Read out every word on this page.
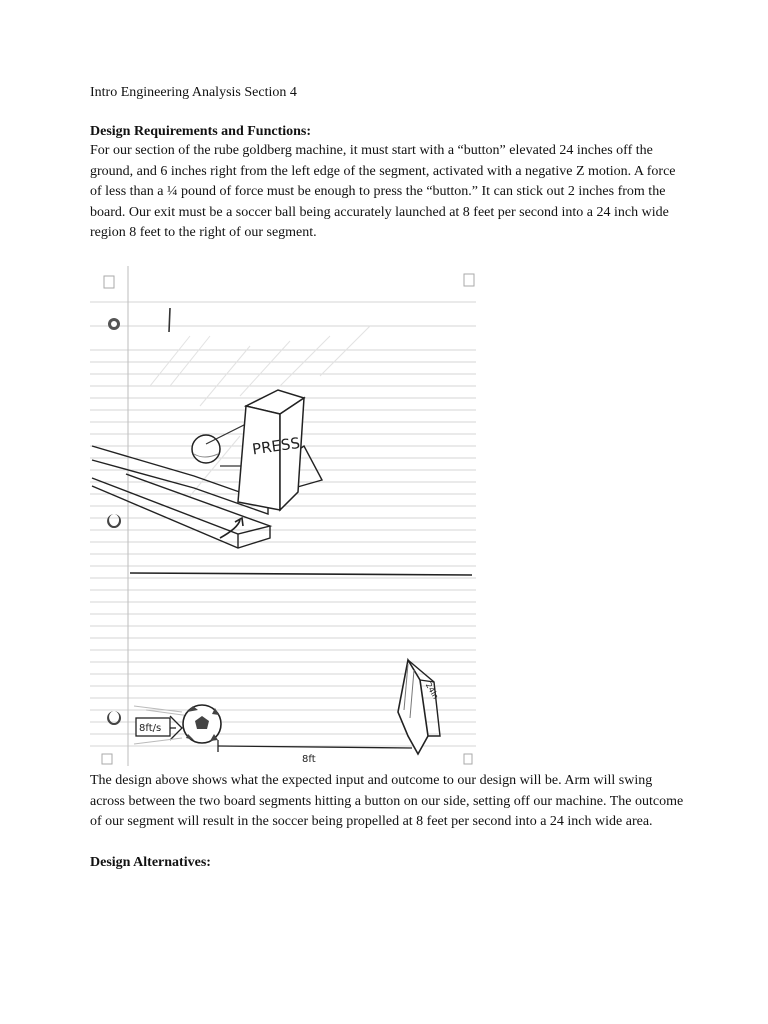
Intro Engineering Analysis Section 4
Design Requirements and Functions:
For our section of the rube goldberg machine, it must start with a “button” elevated 24 inches off the ground, and 6 inches right from the left edge of the segment, activated with a negative Z motion. A force of less than a ¼ pound of force must be enough to press the “button.” It can stick out 2 inches from the board. Our exit must be a soccer ball being accurately launched at 8 feet per second into a 24 inch wide region 8 feet to the right of our segment.
PRESS
8ft/s
8ft
24in
The design above shows what the expected input and outcome to our design will be. Arm will swing across between the two board segments hitting a button on our side, setting off our machine. The outcome of our segment will result in the soccer being propelled at 8 feet per second into a 24 inch wide area.
Design Alternatives:
